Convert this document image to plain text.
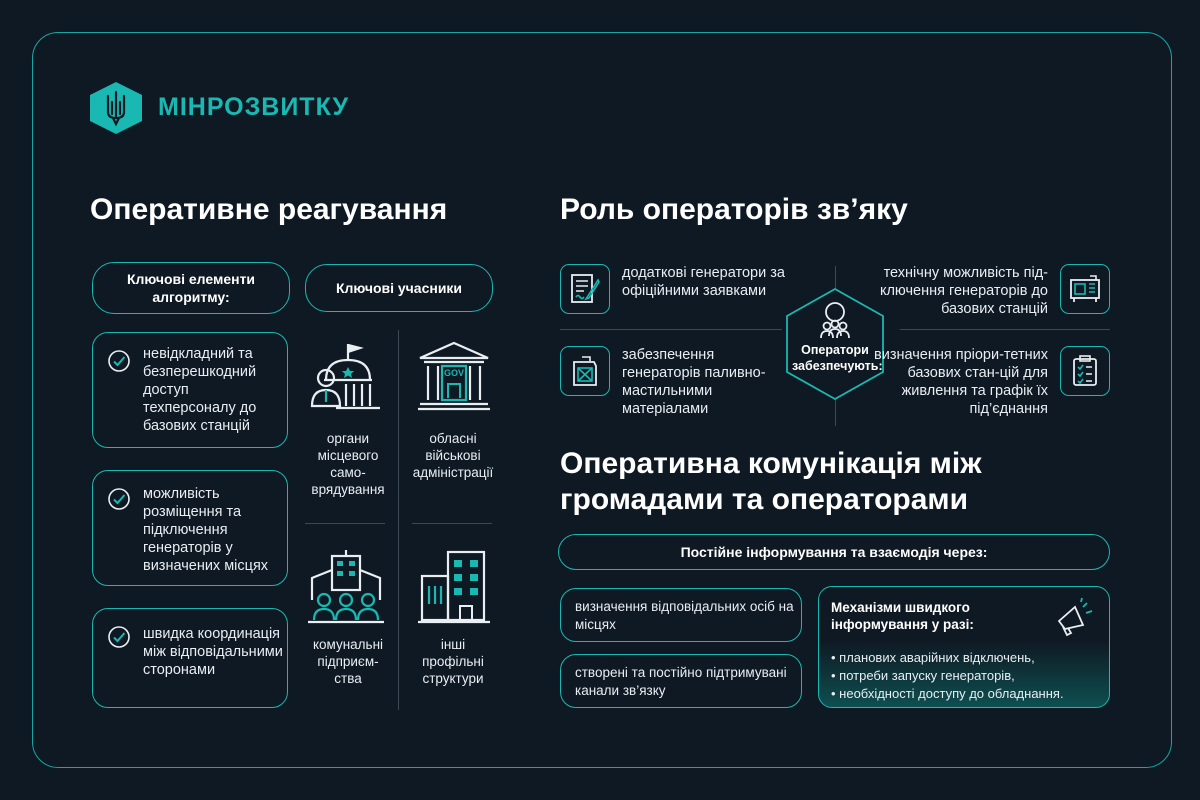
МІНРОЗВИТКУ
Оперативне реагування
Ключові елементи алгоритму:
Ключові учасники
невідкладний та безперешкодний доступ техперсоналу до базових станцій
можливість розміщення та підключення генераторів у визначених місцях
швидка координація між відповідальними сторонами
органи місцевого само-врядування
GOV
обласні військові адміністрації
комунальні підприєм-ства
інші профільні структури
Роль операторів зв’яку
Оператори забезпечують:
додаткові генератори за офіційними заявками
технічну можливість під-ключення генераторів до базових станцій
забезпечення генераторів паливно-мастильними матеріалами
визначення пріори-тетних базових стан-цій для живлення та графік їх під’єднання
Оперативна комунікація між
громадами та операторами
Постійне інформування та взаємодія через:
визначення відповідальних осіб на місцях
створені та постійно підтримувані канали зв’язку
Механізми швидкого інформування у разі:
• планових аварійних відключень,
• потреби запуску генераторів,
• необхідності доступу до обладнання.
